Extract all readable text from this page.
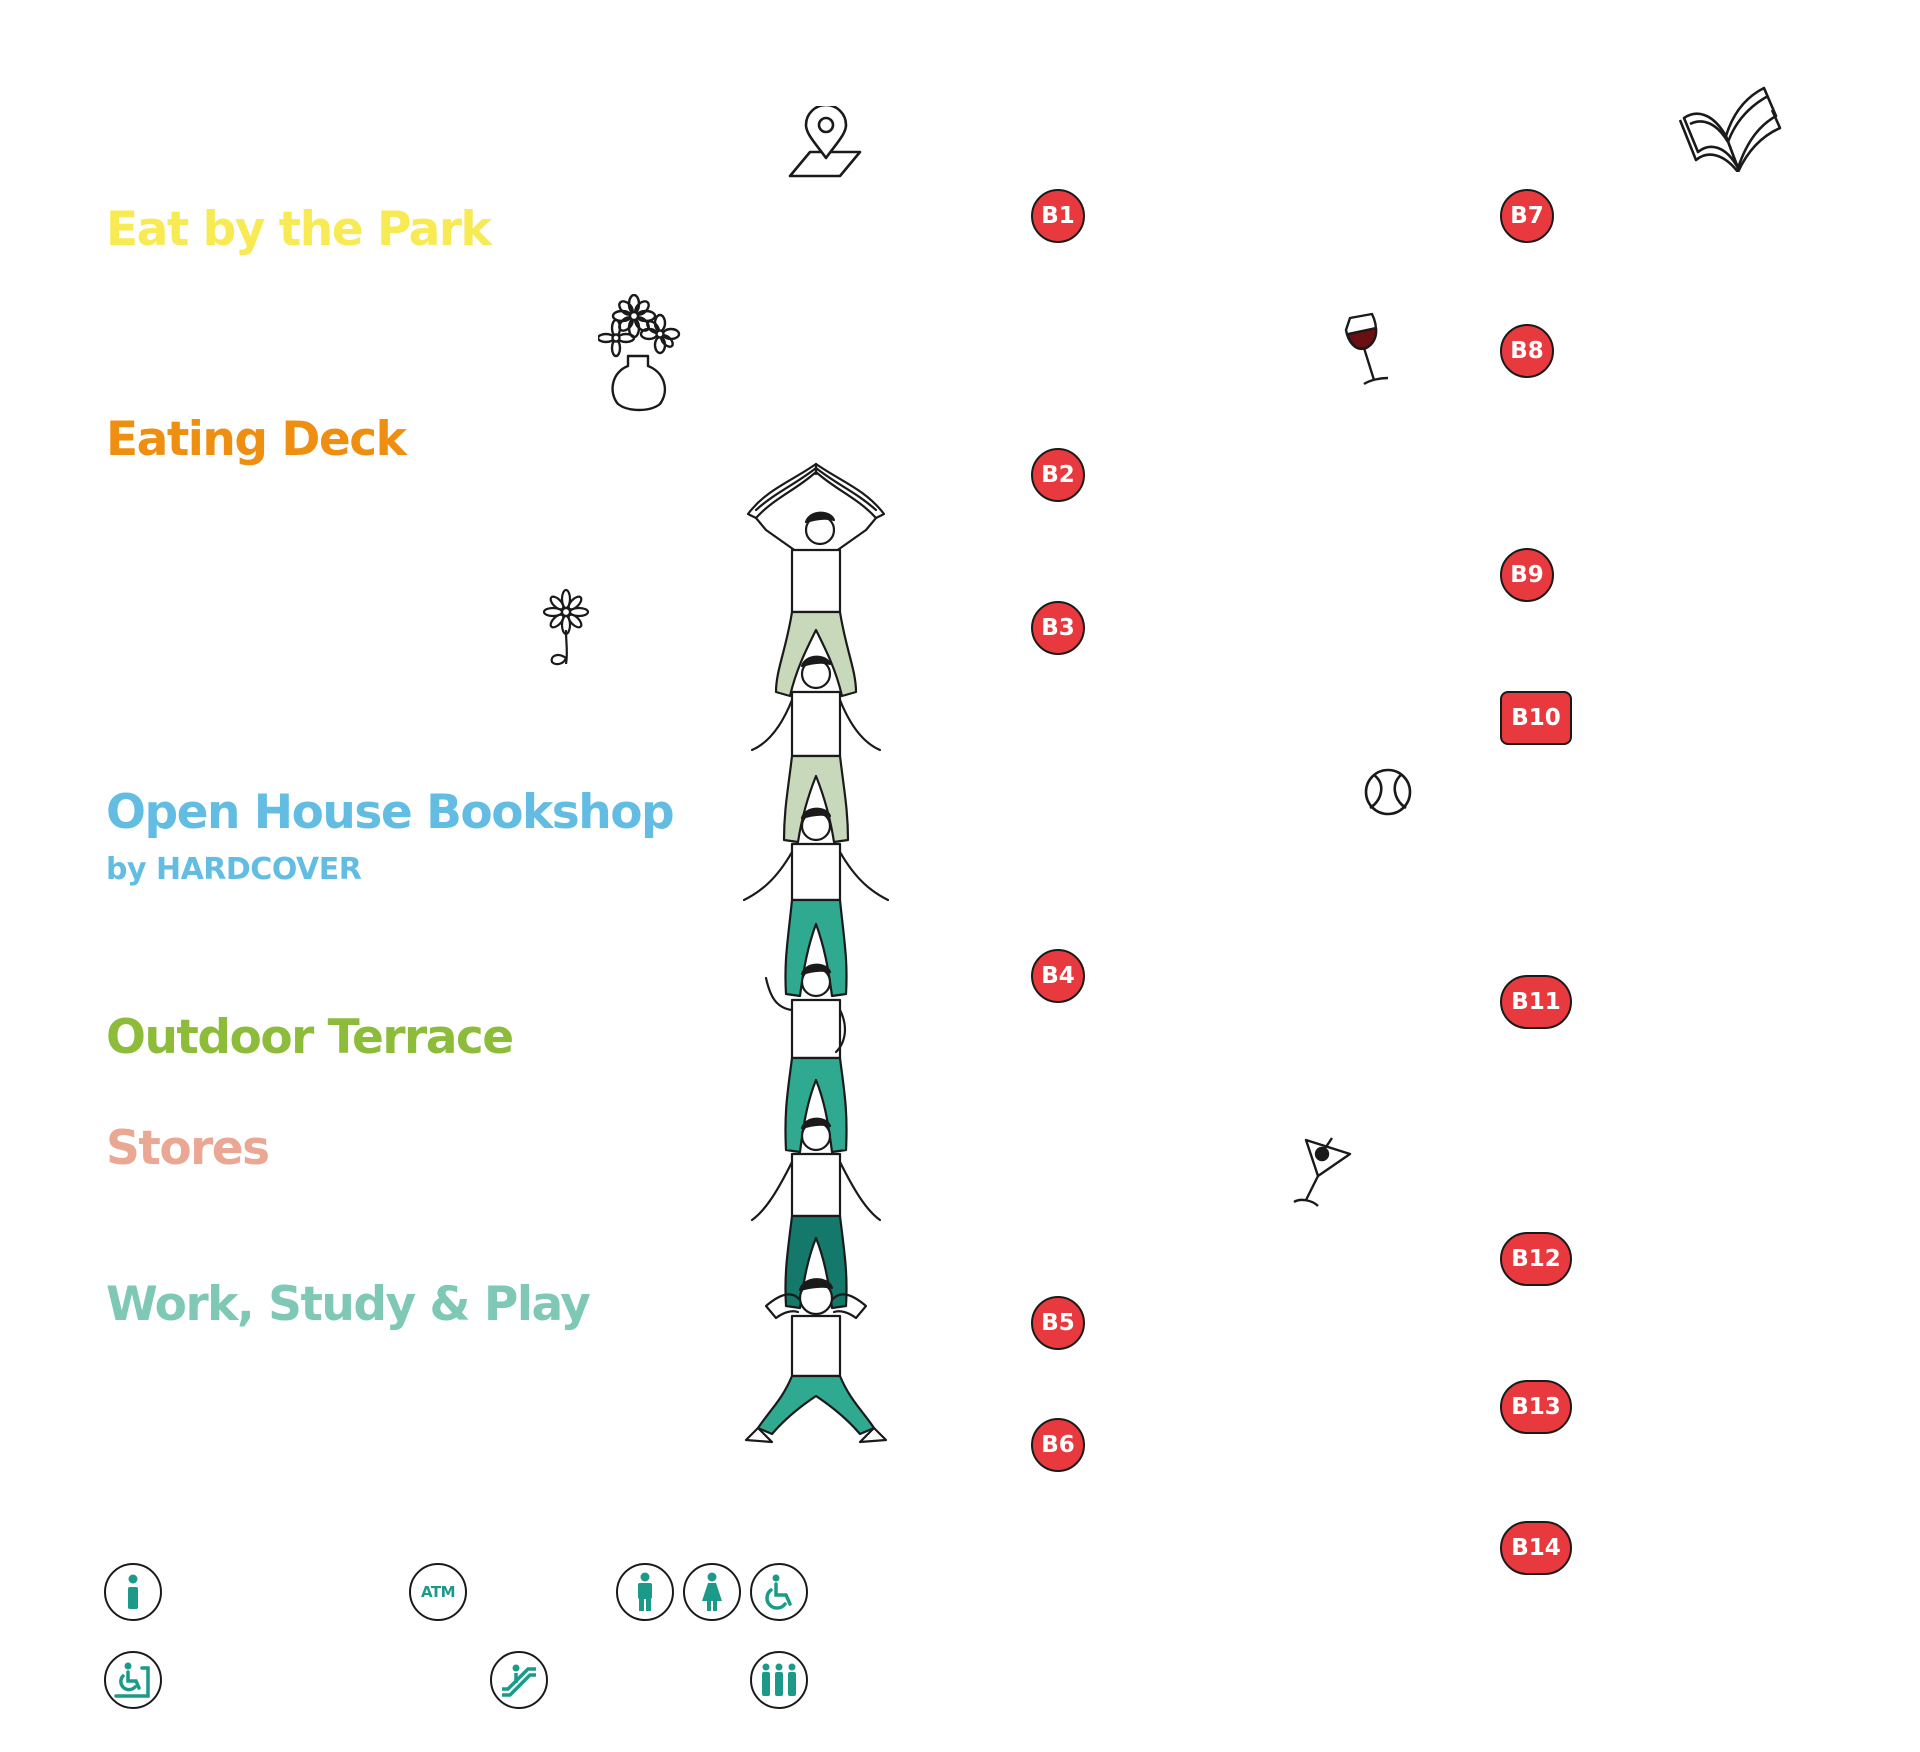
Eat by the Park
Eating Deck
Open House Bookshop
by HARDCOVER
Outdoor Terrace
Stores
Work, Study & Play
B1
B2
B3
B4
B5
B6
B7
B8
B9
B10
B11
B12
B13
B14
ATM
